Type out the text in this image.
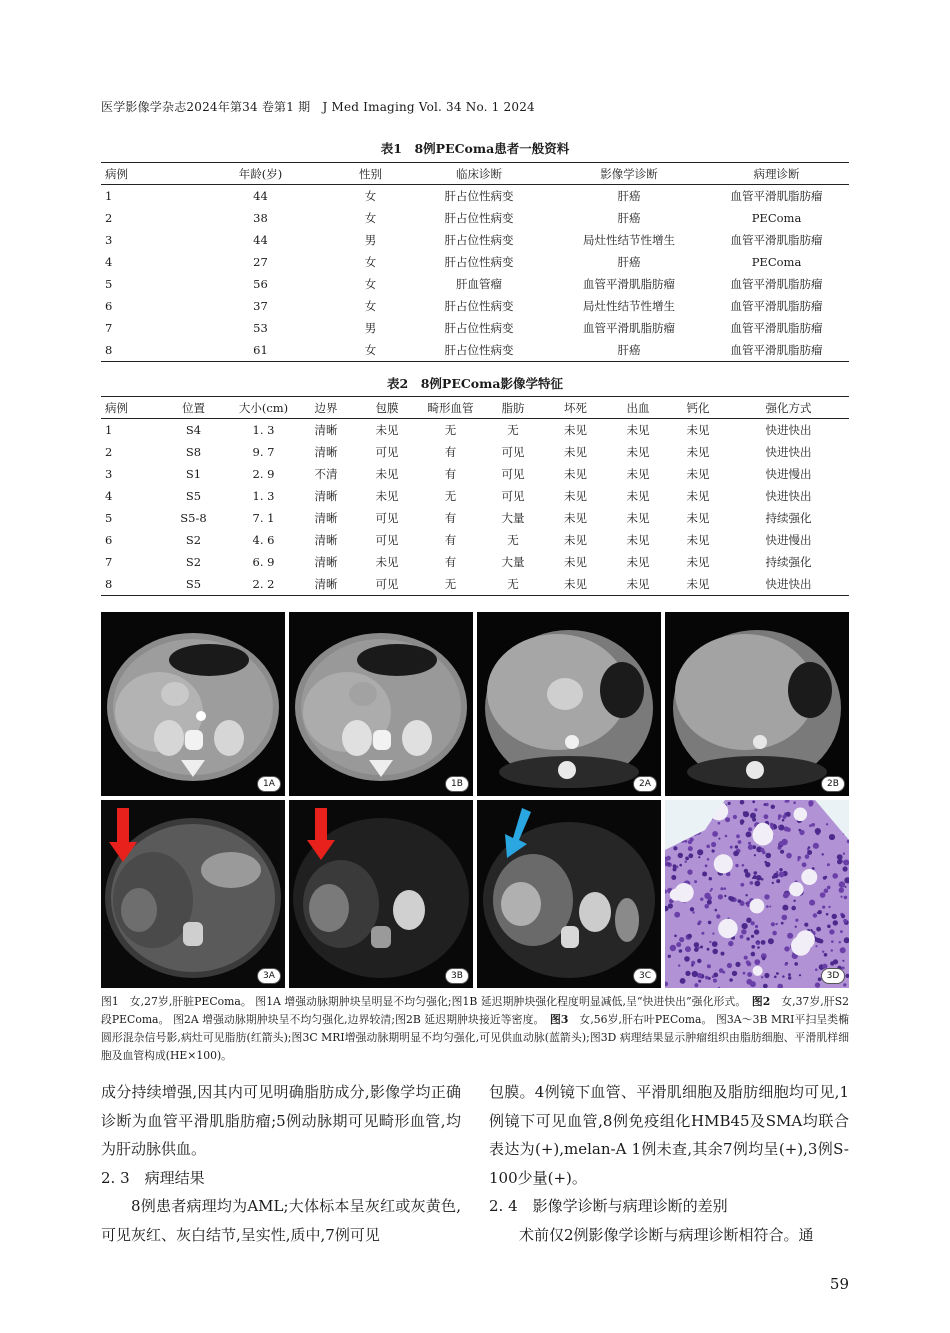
医学影像学杂志2024年第34 卷第1 期　J Med Imaging Vol. 34 No. 1 2024
表1　8例PEComa患者一般资料
病例	年龄(岁)	性别	临床诊断	影像学诊断	病理诊断
1	44	女	肝占位性病变	肝癌	血管平滑肌脂肪瘤
2	38	女	肝占位性病变	肝癌	PEComa
3	44	男	肝占位性病变	局灶性结节性增生	血管平滑肌脂肪瘤
4	27	女	肝占位性病变	肝癌	PEComa
5	56	女	肝血管瘤	血管平滑肌脂肪瘤	血管平滑肌脂肪瘤
6	37	女	肝占位性病变	局灶性结节性增生	血管平滑肌脂肪瘤
7	53	男	肝占位性病变	血管平滑肌脂肪瘤	血管平滑肌脂肪瘤
8	61	女	肝占位性病变	肝癌	血管平滑肌脂肪瘤
表2　8例PEComa影像学特征
病例	位置	大小(cm)	边界	包膜	畸形血管	脂肪	坏死	出血	钙化	强化方式
1	S4	1. 3	清晰	未见	无	无	未见	未见	未见	快进快出
2	S8	9. 7	清晰	可见	有	可见	未见	未见	未见	快进快出
3	S1	2. 9	不清	未见	有	可见	未见	未见	未见	快进慢出
4	S5	1. 3	清晰	未见	无	可见	未见	未见	未见	快进快出
5	S5-8	7. 1	清晰	可见	有	大量	未见	未见	未见	持续强化
6	S2	4. 6	清晰	可见	有	无	未见	未见	未见	快进慢出
7	S2	6. 9	清晰	未见	有	大量	未见	未见	未见	持续强化
8	S5	2. 2	清晰	可见	无	无	未见	未见	未见	快进快出
1A	1B	2A	2B
3A	3B	3C	3D
图1　女,27岁,肝脏PEComa。 图1A 增强动脉期肿块呈明显不均匀强化;图1B 延迟期肿块强化程度明显减低,呈“快进快出”强化形式。　图2　女,37岁,肝S2段PEComa。 图2A 增强动脉期肿块呈不均匀强化,边界较清;图2B 延迟期肿块接近等密度。　图3　女,56岁,肝右叶PEComa。 图3A～3B MRI平扫呈类椭圆形混杂信号影,病灶可见脂肪(红箭头);图3C MRI增强动脉期明显不均匀强化,可见供血动脉(蓝箭头);图3D 病理结果显示肿瘤组织由脂肪细胞、平滑肌样细胞及血管构成(HE×100)。

成分持续增强,因其内可见明确脂肪成分,影像学均正确诊断为血管平滑肌脂肪瘤;5例动脉期可见畸形血管,均为肝动脉供血。

2. 3　病理结果

8例患者病理均为AML;大体标本呈灰红或灰黄色,可见灰红、灰白结节,呈实性,质中,7例可见

包膜。4例镜下血管、平滑肌细胞及脂肪细胞均可见,1例镜下可见血管,8例免疫组化HMB45及SMA均联合表达为(+),melan-A 1例未查,其余7例均呈(+),3例S-100少量(+)。

2. 4　影像学诊断与病理诊断的差别

术前仅2例影像学诊断与病理诊断相符合。通

59
